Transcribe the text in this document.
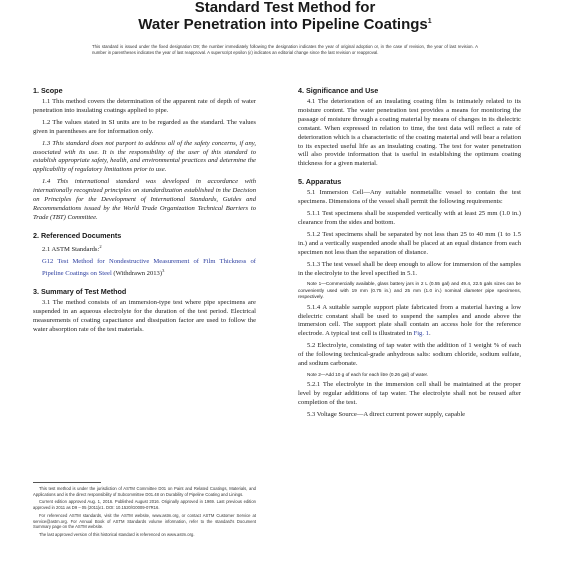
Standard Test Method for
Water Penetration into Pipeline Coatings$^1$
This standard is issued under the fixed designation D9; the number immediately following the designation indicates the year of original adoption or, in the case of revision, the year of last revision. A number in parentheses indicates the year of last reapproval. A superscript epsilon (ε) indicates an editorial change since the last revision or reapproval.
1. Scope
1.1 This method covers the determination of the apparent rate of depth of water penetration into insulating coatings applied to pipe.
1.2 The values stated in SI units are to be regarded as the standard. The values given in parentheses are for information only.
1.3 This standard does not purport to address all of the safety concerns, if any, associated with its use. It is the responsibility of the user of this standard to establish appropriate safety, health, and environmental practices and determine the applicability of regulatory limitations prior to use.
1.4 This international standard was developed in accordance with internationally recognized principles on standardization established in the Decision on Principles for the Development of International Standards, Guides and Recommendations issued by the World Trade Organization Technical Barriers to Trade (TBT) Committee.
2. Referenced Documents
2.1 ASTM Standards:$^2$
G12 Test Method for Nondestructive Measurement of Film Thickness of Pipeline Coatings on Steel (Withdrawn 2013)$^3$
3. Summary of Test Method
3.1 The method consists of an immersion-type test where pipe specimens are suspended in an aqueous electrolyte for the duration of the test period. Electrical measurements of coating capacitance and dissipation factor are used to follow the water absorption rate of the test materials.
This test method is under the jurisdiction of ASTM Committee D01 on Paint and Related Coatings, Materials, and Applications and is the direct responsibility of Subcommittee D01.48 on Durability of Pipeline Coating and Linings.
Current edition approved Aug. 1, 2016. Published August 2016. Originally approved in 1969. Last previous edition approved in 2011 as D9 – 05 (2011)ε1. DOI: 10.1520/G0009-07R16.
For referenced ASTM standards, visit the ASTM website, www.astm.org, or contact ASTM Customer Service at service@astm.org. For Annual Book of ASTM Standards volume information, refer to the standard's Document Summary page on the ASTM website.
The last approved version of this historical standard is referenced on www.astm.org.
4. Significance and Use
4.1 The deterioration of an insulating coating film is intimately related to its moisture content. The water penetration test provides a means for monitoring the passage of moisture through a coating material by means of changes in its dielectric constant. When expressed in relation to time, the test data will reflect a rate of deterioration which is a characteristic of the coating material and will bear a relation to its expected useful life as an insulating coating. The test for water penetration will also provide information that is useful in establishing the optimum coating thickness for a given material.
5. Apparatus
5.1 Immersion Cell—Any suitable nonmetallic vessel to contain the test specimens. Dimensions of the vessel shall permit the following requirements:
5.1.1 Test specimens shall be suspended vertically with at least 25 mm (1.0 in.) clearance from the sides and bottom.
5.1.2 Test specimens shall be separated by not less than 25 to 40 mm (1 to 1.5 in.) and a vertically suspended anode shall be placed at an equal distance from each specimen not less than the separation of distance.
5.1.3 The test vessel shall be deep enough to allow for immersion of the samples in the electrolyte to the level specified in 5.1.
Note 1—Commercially available, glass battery jars in 2 L (0.55 gal) and 49.4, 22.5 gals sizes can be conveniently used with 19 mm (0.75 in.) and 25 mm (1.0 in.) nominal diameter pipe specimens, respectively.
5.1.4 A suitable sample support plate fabricated from a material having a low dielectric constant shall be used to suspend the samples and anode above the immersion cell. The support plate shall contain an access hole for the reference electrode. A typical test cell is illustrated in Fig. 1.
5.2 Electrolyte, consisting of tap water with the addition of 1 weight % of each of the following technical-grade anhydrous salts: sodium chloride, sodium sulfate, and sodium carbonate.
Note 2—Add 10 g of each for each litre (0.26 gal) of water.
5.2.1 The electrolyte in the immersion cell shall be maintained at the proper level by regular additions of tap water. The electrolyte shall not be reused after completion of the test.
5.3 Voltage Source—A direct current power supply, capable
